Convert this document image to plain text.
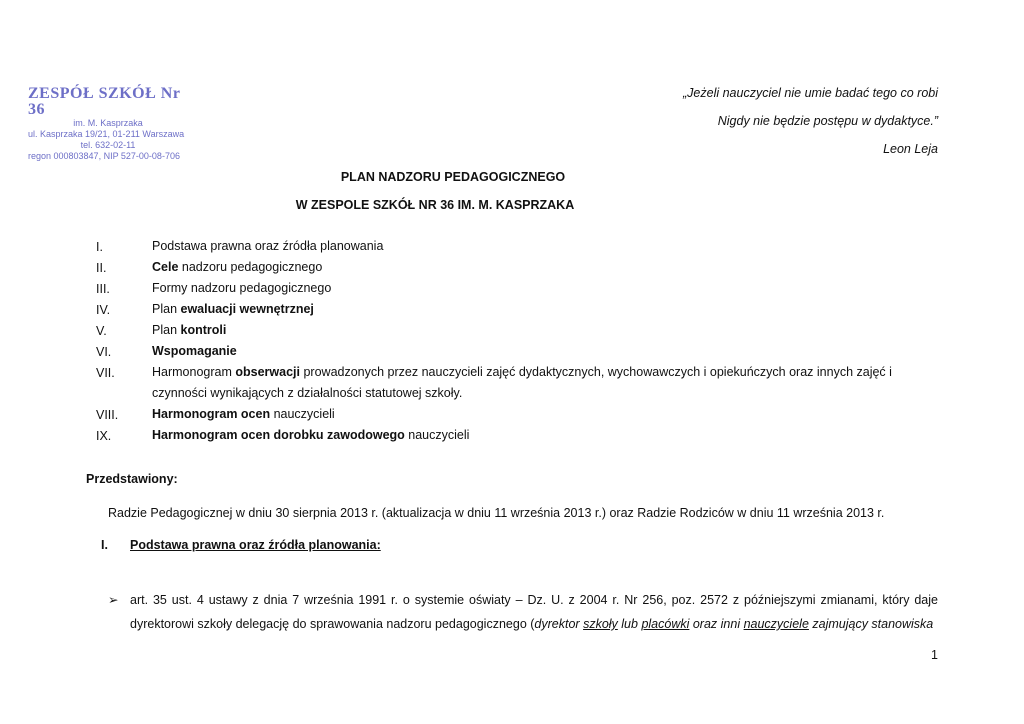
ZESPÓŁ SZKÓŁ Nr 36
im. M. Kasprzaka
ul. Kasprzaka 19/21, 01-211 Warszawa
tel. 632-02-11
regon 000803847, NIP 527-00-08-706
„Jeżeli nauczyciel nie umie badać tego co robi
Nigdy nie będzie postępu w dydaktyce.”
Leon Leja
PLAN NADZORU PEDAGOGICZNEGO
W ZESPOLE SZKÓŁ NR 36 IM. M. KASPRZAKA
I.	Podstawa prawna oraz źródła planowania
II.	Cele nadzoru pedagogicznego
III.	Formy nadzoru pedagogicznego
IV.	Plan ewaluacji wewnętrznej
V.	Plan kontroli
VI.	Wspomaganie
VII.	Harmonogram obserwacji prowadzonych przez nauczycieli zajęć dydaktycznych, wychowawczych i opiekuńczych oraz innych zajęć i czynności wynikających z działalności statutowej szkoły.
VIII.	Harmonogram ocen nauczycieli
IX.	Harmonogram ocen dorobku zawodowego nauczycieli
Przedstawiony:
Radzie Pedagogicznej w dniu 30 sierpnia 2013 r. (aktualizacja w dniu 11 września 2013 r.) oraz Radzie Rodziców w dniu 11 września 2013 r.
I. Podstawa prawna oraz źródła planowania:
➢ art. 35 ust. 4 ustawy z dnia 7 września 1991 r. o systemie oświaty – Dz. U. z 2004 r. Nr 256, poz. 2572 z późniejszymi zmianami, który daje dyrektorowi szkoły delegację do sprawowania nadzoru pedagogicznego (dyrektor szkoły lub placówki oraz inni nauczyciele zajmujący stanowiska
1
